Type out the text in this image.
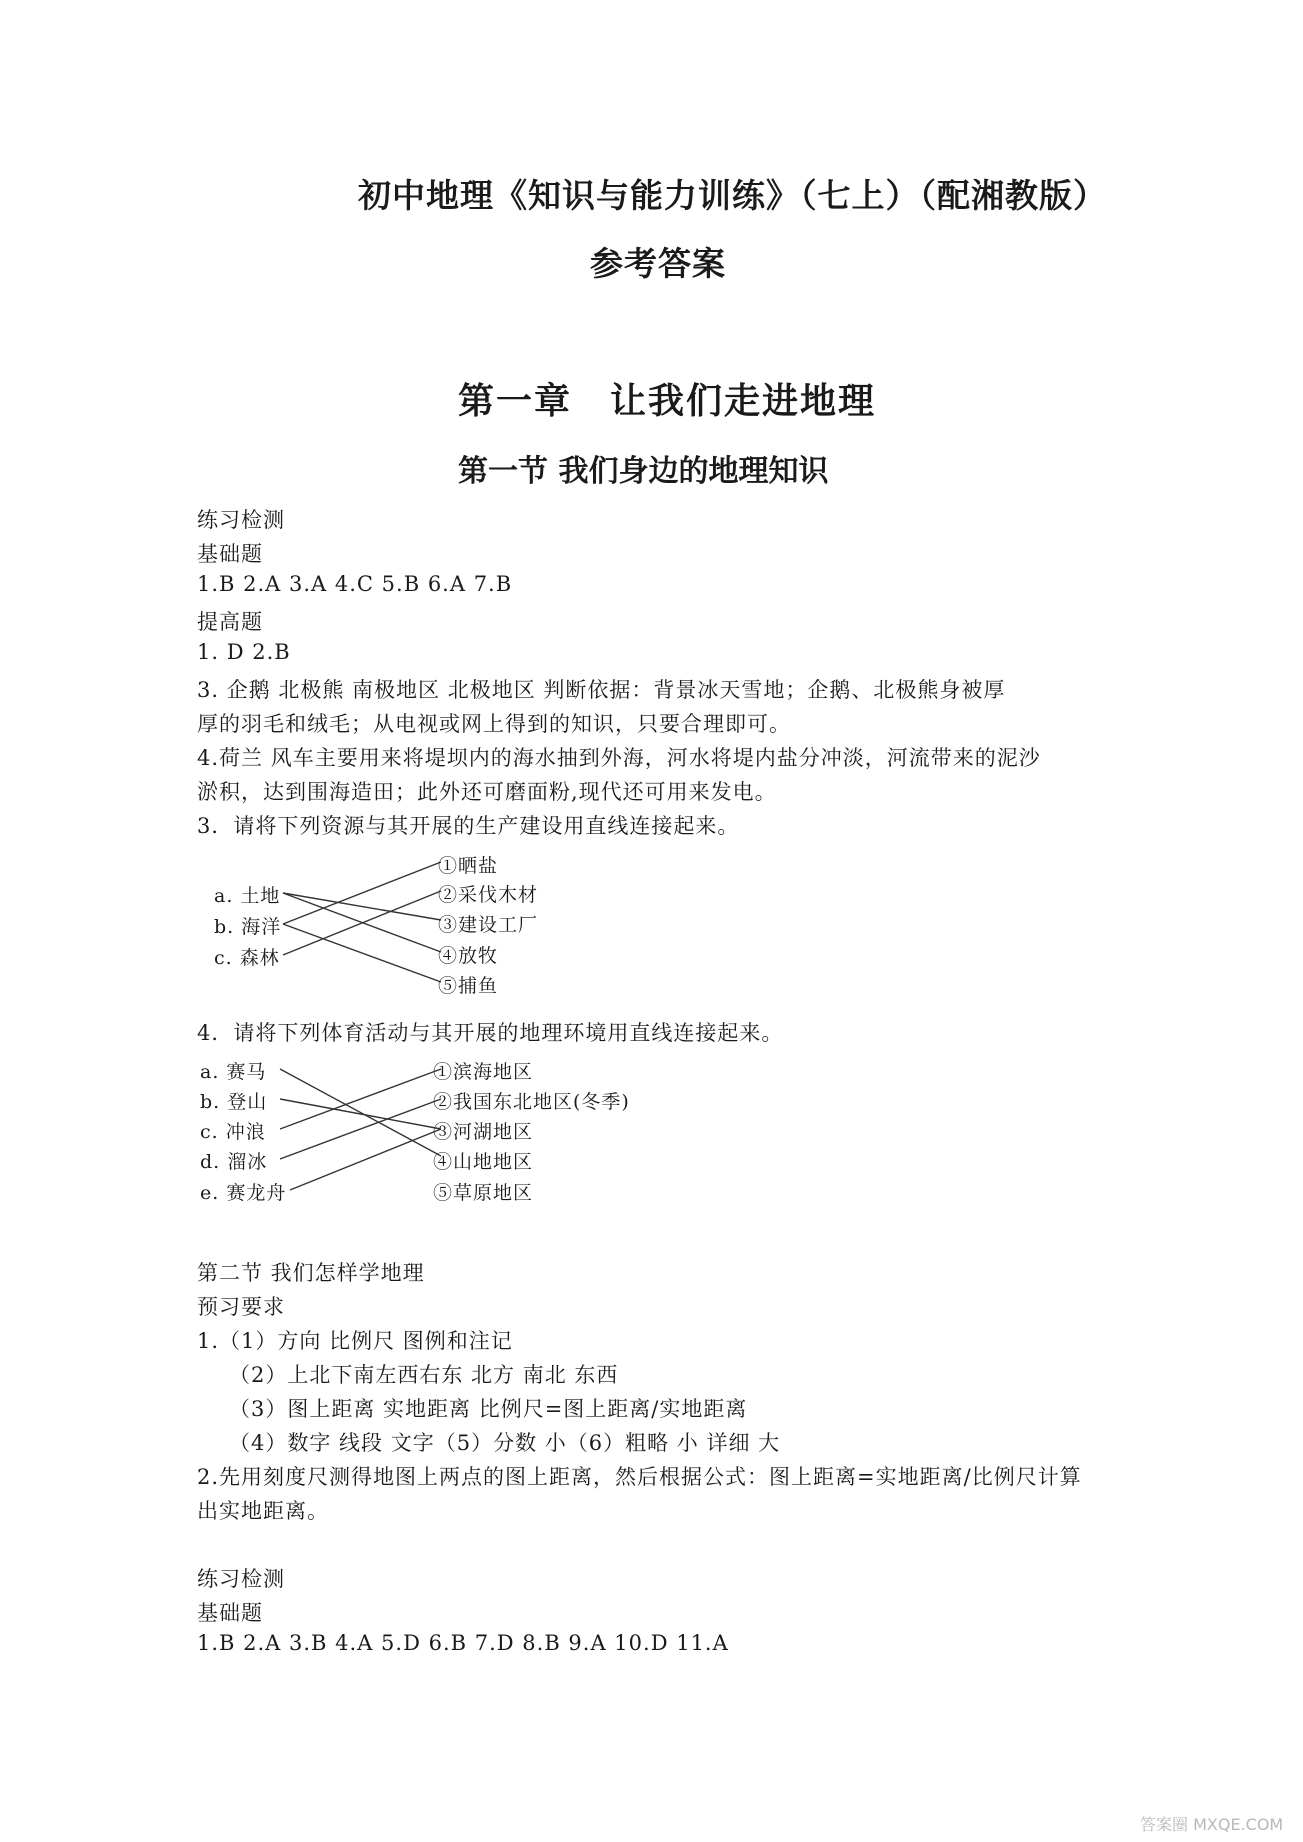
初中地理《知识与能力训练》（七上）（配湘教版）
参考答案
第一章　让我们走进地理
第一节 我们身边的地理知识
练习检测
基础题
1.B 2.A 3.A 4.C 5.B 6.A 7.B
提高题
1. D 2.B
3. 企鹅 北极熊 南极地区 北极地区 判断依据：背景冰天雪地；企鹅、北极熊身被厚
厚的羽毛和绒毛；从电视或网上得到的知识，只要合理即可。
4.荷兰 风车主要用来将堤坝内的海水抽到外海，河水将堤内盐分冲淡，河流带来的泥沙
淤积，达到围海造田；此外还可磨面粉,现代还可用来发电。
3．请将下列资源与其开展的生产建设用直线连接起来。
a. 土地
b. 海洋
c. 森林
①晒盐
②采伐木材
③建设工厂
④放牧
⑤捕鱼
4．请将下列体育活动与其开展的地理环境用直线连接起来。
a. 赛马
b. 登山
c. 冲浪
d. 溜冰
e. 赛龙舟
①滨海地区
②我国东北地区(冬季)
③河湖地区
④山地地区
⑤草原地区
第二节 我们怎样学地理
预习要求
1.（1）方向 比例尺 图例和注记
（2）上北下南左西右东 北方 南北 东西
（3）图上距离 实地距离 比例尺=图上距离/实地距离
（4）数字 线段 文字（5）分数 小（6）粗略 小 详细 大
2.先用刻度尺测得地图上两点的图上距离，然后根据公式：图上距离=实地距离/比例尺计算
出实地距离。
练习检测
基础题
1.B 2.A 3.B 4.A 5.D 6.B 7.D 8.B 9.A 10.D 11.A
答案圈 MXQE.COM
